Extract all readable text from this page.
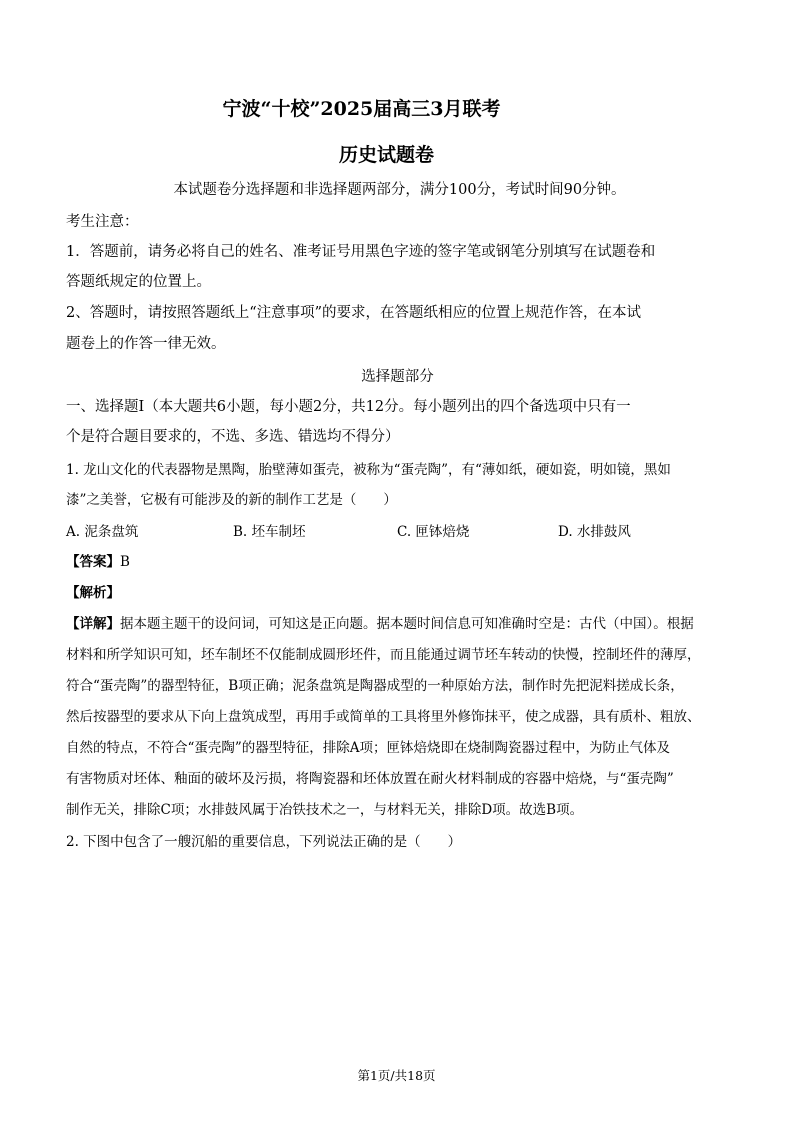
宁波“十校”2025届高三3月联考
历史试题卷
本试题卷分选择题和非选择题两部分，满分100分，考试时间90分钟。
考生注意：
1．答题前，请务必将自己的姓名、准考证号用黑色字迹的签字笔或钢笔分别填写在试题卷和
答题纸规定的位置上。
2、答题时，请按照答题纸上“注意事项”的要求，在答题纸相应的位置上规范作答，在本试
题卷上的作答一律无效。
选择题部分
一、选择题Ⅰ（本大题共6小题，每小题2分，共12分。每小题列出的四个备选项中只有一
个是符合题目要求的，不选、多选、错选均不得分）
1. 龙山文化的代表器物是黑陶，胎壁薄如蛋壳，被称为“蛋壳陶”，有“薄如纸，硬如瓷，明如镜，黑如
漆”之美誉，它极有可能涉及的新的制作工艺是（　　）
A. 泥条盘筑	B. 坯车制坯	C. 匣钵焙烧	D. 水排鼓风
【答案】B
【解析】
【详解】据本题主题干的设问词，可知这是正向题。据本题时间信息可知准确时空是：古代（中国）。根据
材料和所学知识可知，坯车制坯不仅能制成圆形坯件，而且能通过调节坯车转动的快慢，控制坯件的薄厚，
符合“蛋壳陶”的器型特征，B项正确；泥条盘筑是陶器成型的一种原始方法，制作时先把泥料搓成长条，
然后按器型的要求从下向上盘筑成型，再用手或简单的工具将里外修饰抹平，使之成器，具有质朴、粗放、
自然的特点，不符合“蛋壳陶”的器型特征，排除A项；匣钵焙烧即在烧制陶瓷器过程中，为防止气体及
有害物质对坯体、釉面的破坏及污损，将陶瓷器和坯体放置在耐火材料制成的容器中焙烧，与“蛋壳陶”
制作无关，排除C项；水排鼓风属于冶铁技术之一，与材料无关，排除D项。故选B项。
2. 下图中包含了一艘沉船的重要信息，下列说法正确的是（　　）
第1页/共18页
